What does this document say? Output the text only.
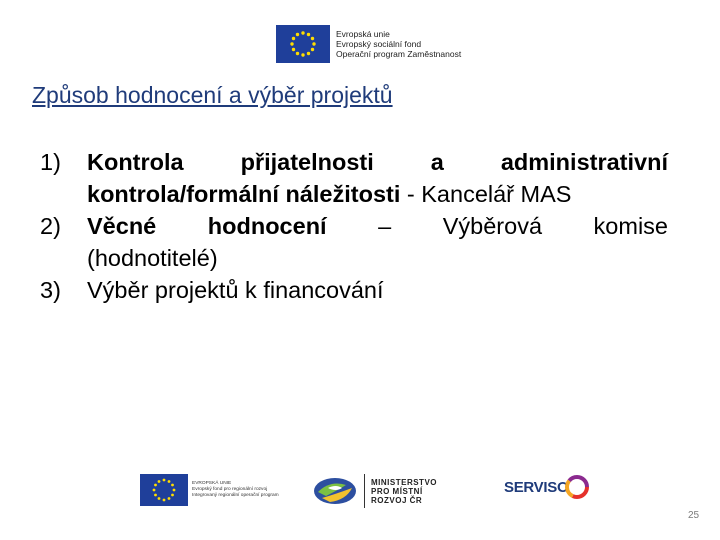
Evropská unie
Evropský sociální fond
Operační program Zaměstnanost
Způsob hodnocení a výběr projektů
1)	Kontrola přijatelnosti a administrativní
kontrola/formální náležitosti - Kancelář MAS
2)	Věcné hodnocení – Výběrová komise
(hodnotitelé)
3)	Výběr projektů k financování
EVROPSKÁ UNIE
Evropský fond pro regionální rozvoj
Integrovaný regionální operační program
MINISTERSTVO
PRO MÍSTNÍ
ROZVOJ ČR
SERVISO
25
